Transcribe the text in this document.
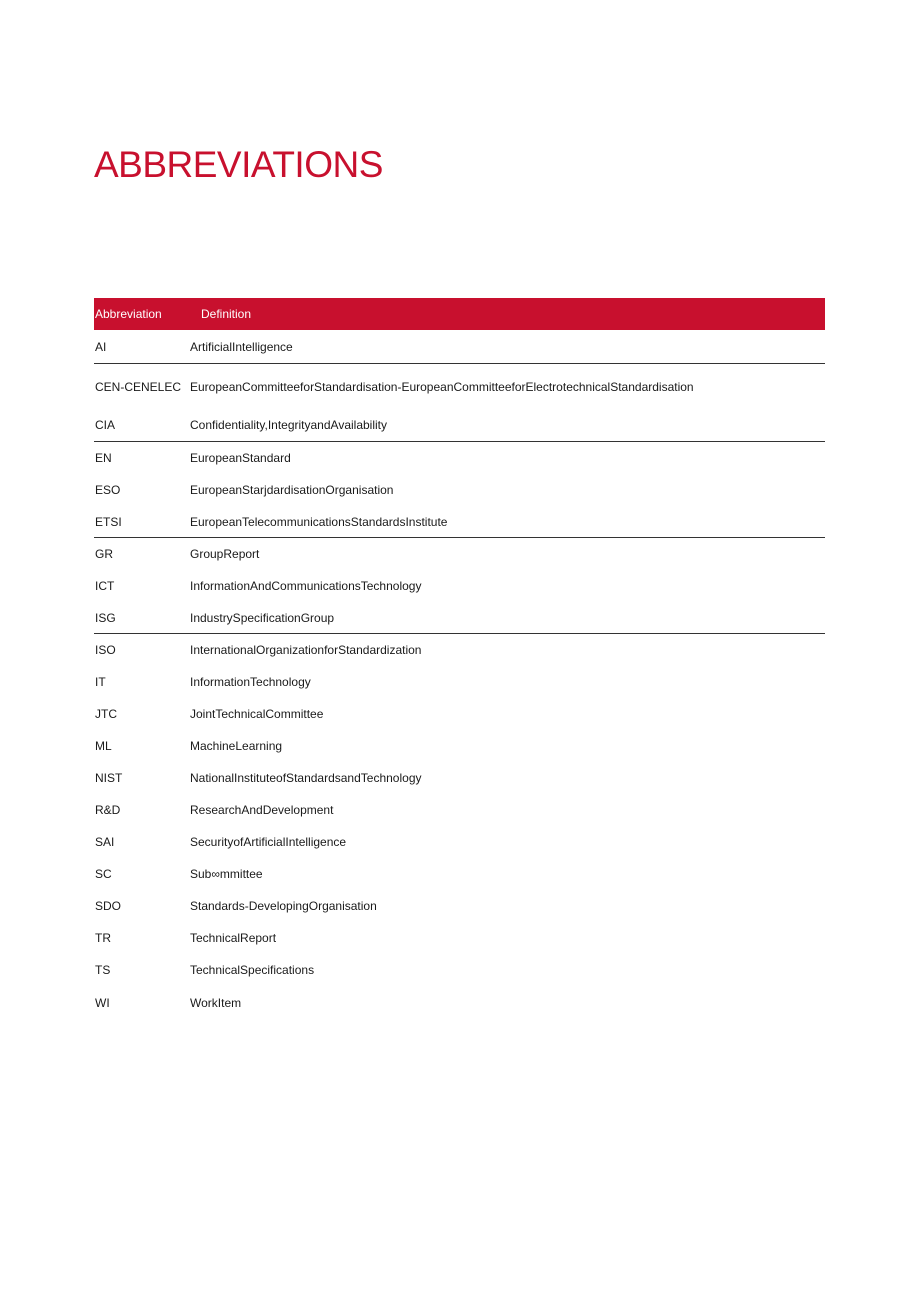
ABBREVIATIONS
Abbreviation	Definition
AI	ArtificialIntelligence
CEN-CENELEC EuropeanCommitteeforStandardisation-EuropeanCommitteeforElectrotechnicalStandardisation
CIA	Confidentiality,IntegrityandAvailability
EN	EuropeanStandard
ESO	EuropeanStarjdardisationOrganisation
ETSI	EuropeanTelecommunicationsStandardsInstitute
GR	GroupReport
ICT	InformationAndCommunicationsTechnology
ISG	IndustrySpecificationGroup
ISO	InternationalOrganizationforStandardization
IT	InformationTechnology
JTC	JointTechnicalCommittee
ML	MachineLearning
NIST	NationalInstituteofStandardsandTechnology
R&D	ResearchAndDevelopment
SAI	SecurityofArtificialIntelligence
SC	Sub∞mmittee
SDO	Standards-DevelopingOrganisation
TR	TechnicalReport
TS	TechnicalSpecifications
WI	WorkItem
